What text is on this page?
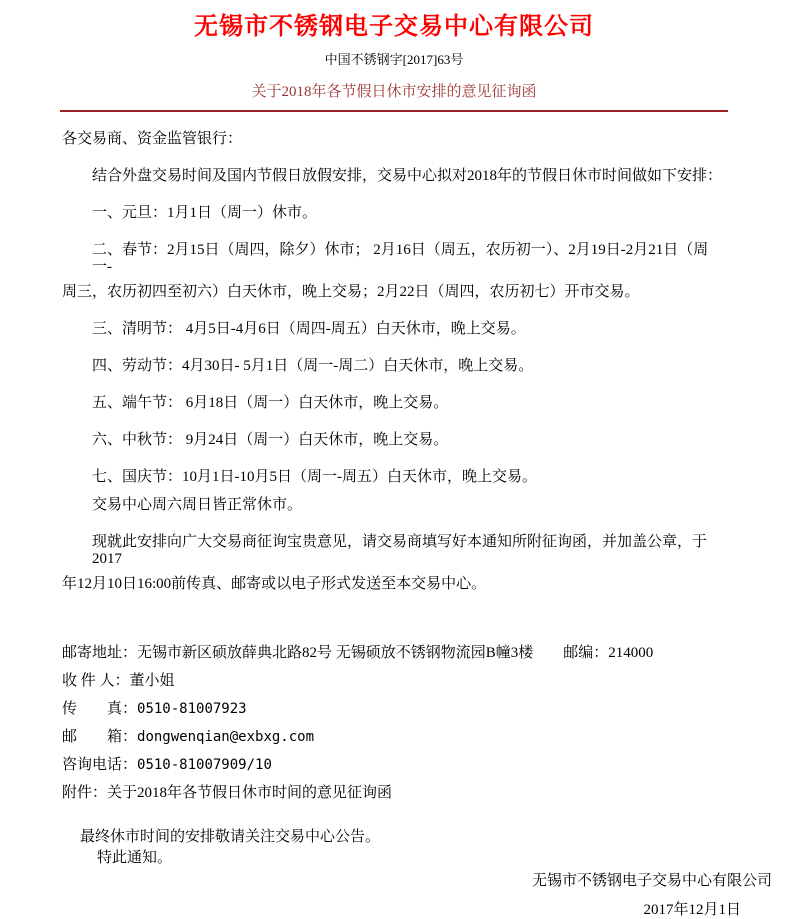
无锡市不锈钢电子交易中心有限公司
中国不锈钢字[2017]63号
关于2018年各节假日休市安排的意见征询函

各交易商、资金监管银行：

结合外盘交易时间及国内节假日放假安排，交易中心拟对2018年的节假日休市时间做如下安排：

一、元旦：1月1日（周一）休市。

二、春节：2月15日（周四，除夕）休市； 2月16日（周五，农历初一）、2月19日-2月21日（周一-

周三，农历初四至初六）白天休市，晚上交易；2月22日（周四，农历初七）开市交易。

三、清明节： 4月5日-4月6日（周四-周五）白天休市，晚上交易。

四、劳动节：4月30日- 5月1日（周一-周二）白天休市，晚上交易。

五、端午节： 6月18日（周一）白天休市，晚上交易。

六、中秋节： 9月24日（周一）白天休市，晚上交易。

七、国庆节：10月1日-10月5日（周一-周五）白天休市，晚上交易。

交易中心周六周日皆正常休市。

现就此安排向广大交易商征询宝贵意见，请交易商填写好本通知所附征询函，并加盖公章，于2017

年12月10日16:00前传真、邮寄或以电子形式发送至本交易中心。

邮寄地址：无锡市新区硕放薛典北路82号 无锡硕放不锈钢物流园B幢3楼　　邮编：214000

收 件 人：董小姐

传　　真：0510-81007923

邮　　箱：dongwenqian@exbxg.com

咨询电话：0510-81007909/10

附件：关于2018年各节假日休市时间的意见征询函

最终休市时间的安排敬请关注交易中心公告。

特此通知。

无锡市不锈钢电子交易中心有限公司
2017年12月1日
